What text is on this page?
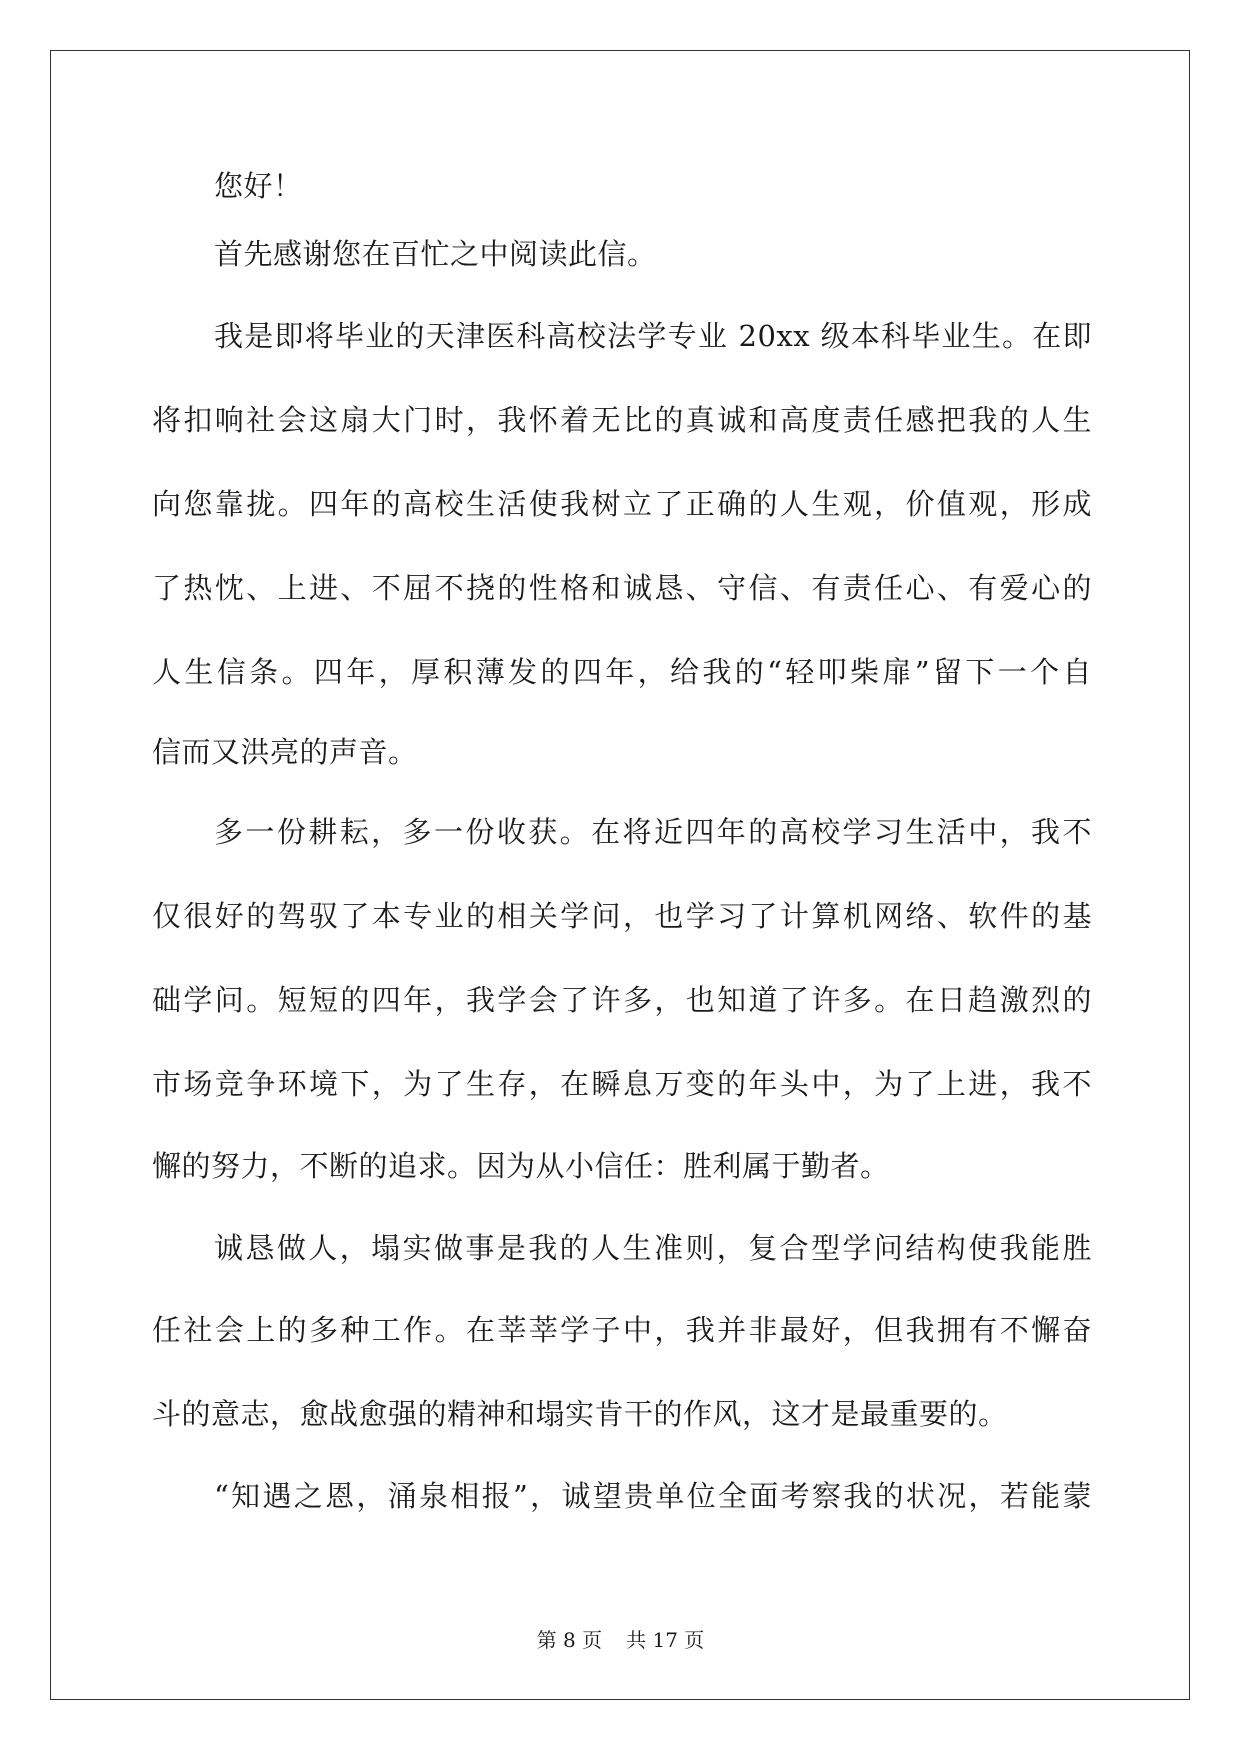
您好！
首先感谢您在百忙之中阅读此信。
我是即将毕业的天津医科高校法学专业 20xx 级本科毕业生。在即
将扣响社会这扇大门时，我怀着无比的真诚和高度责任感把我的人生
向您靠拢。四年的高校生活使我树立了正确的人生观，价值观，形成
了热忱、上进、不屈不挠的性格和诚恳、守信、有责任心、有爱心的
人生信条。四年，厚积薄发的四年，给我的“轻叩柴扉”留下一个自
信而又洪亮的声音。
多一份耕耘，多一份收获。在将近四年的高校学习生活中，我不
仅很好的驾驭了本专业的相关学问，也学习了计算机网络、软件的基
础学问。短短的四年，我学会了许多，也知道了许多。在日趋激烈的
市场竞争环境下，为了生存，在瞬息万变的年头中，为了上进，我不
懈的努力，不断的追求。因为从小信任：胜利属于勤者。
诚恳做人，塌实做事是我的人生准则，复合型学问结构使我能胜
任社会上的多种工作。在莘莘学子中，我并非最好，但我拥有不懈奋
斗的意志，愈战愈强的精神和塌实肯干的作风，这才是最重要的。
“知遇之恩，涌泉相报”，诚望贵单位全面考察我的状况，若能蒙
第 8 页 共 17 页
